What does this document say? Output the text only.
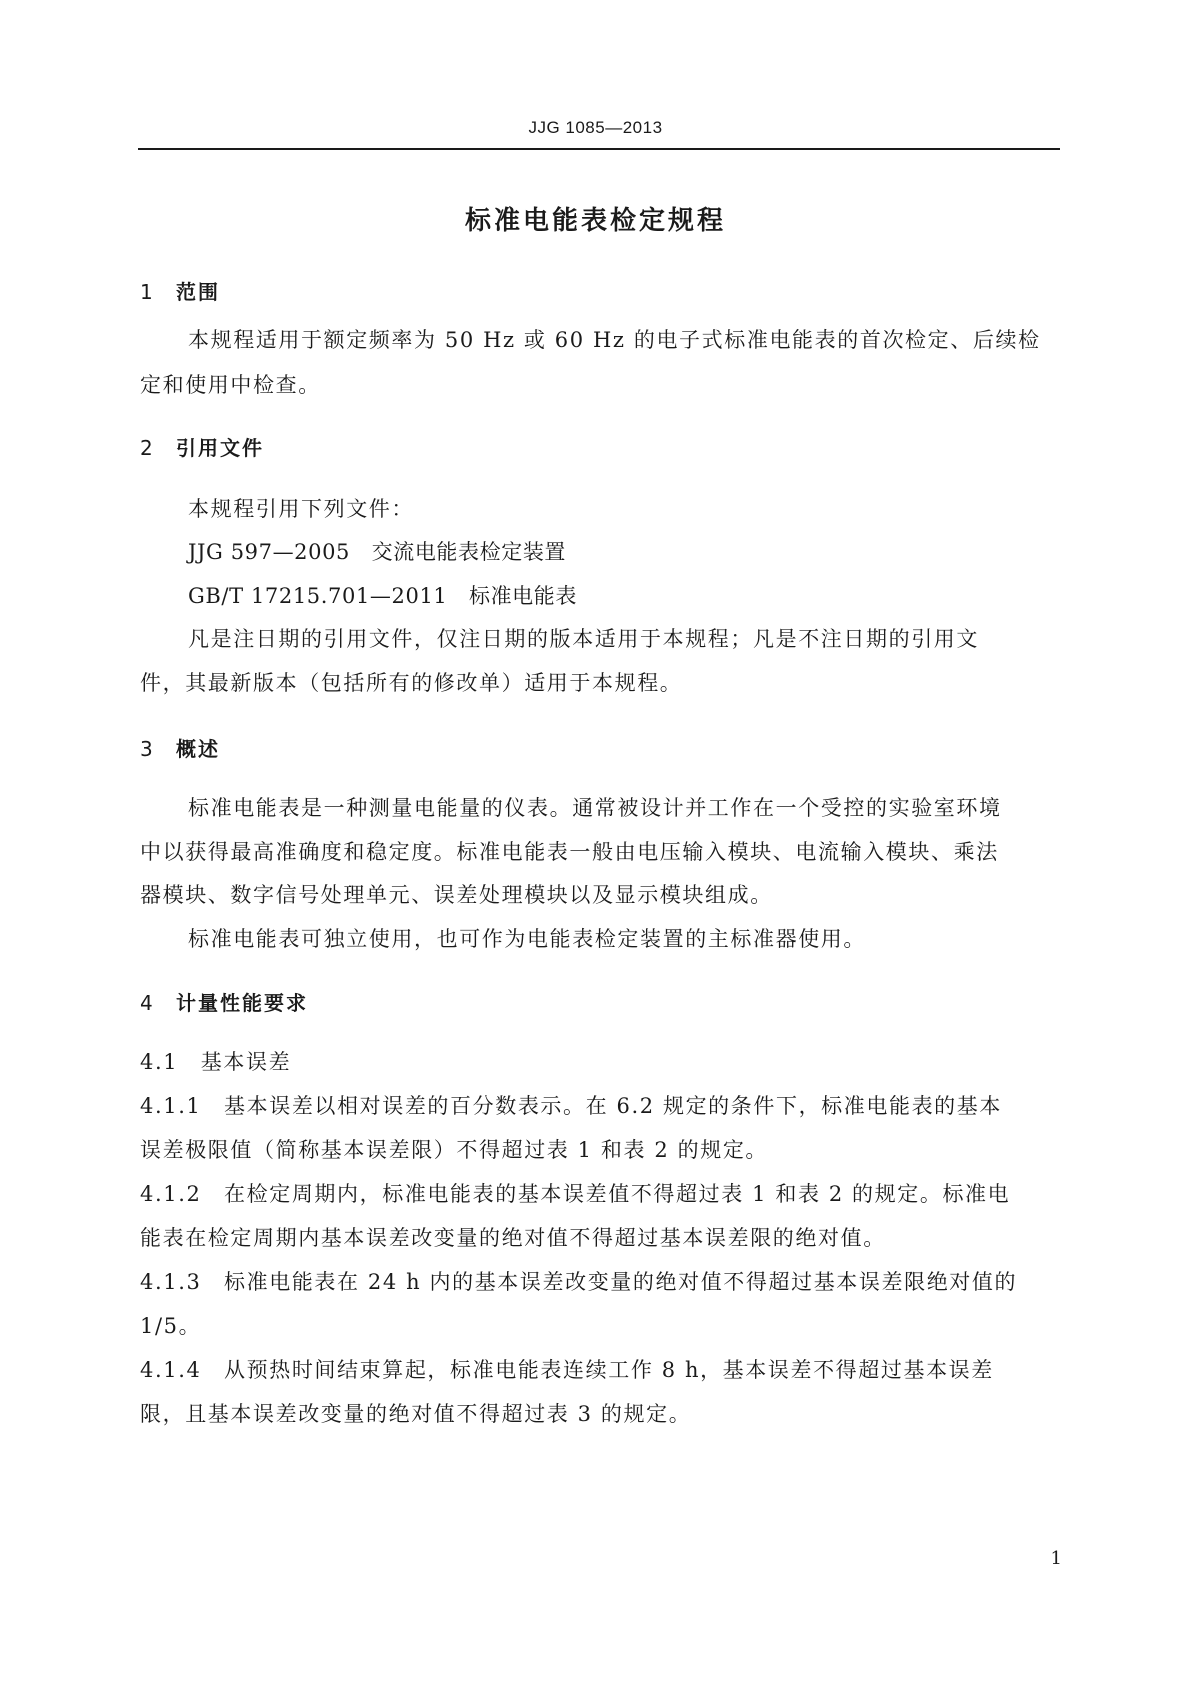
JJG 1085—2013
标准电能表检定规程
1 范围
本规程适用于额定频率为 50 Hz 或 60 Hz 的电子式标准电能表的首次检定、后续检
定和使用中检查。
2 引用文件
本规程引用下列文件：
JJG 597—2005　交流电能表检定装置
GB/T 17215.701—2011　标准电能表
凡是注日期的引用文件，仅注日期的版本适用于本规程；凡是不注日期的引用文
件，其最新版本（包括所有的修改单）适用于本规程。
3 概述
标准电能表是一种测量电能量的仪表。通常被设计并工作在一个受控的实验室环境
中以获得最高准确度和稳定度。标准电能表一般由电压输入模块、电流输入模块、乘法
器模块、数字信号处理单元、误差处理模块以及显示模块组成。
标准电能表可独立使用，也可作为电能表检定装置的主标准器使用。
4 计量性能要求
4.1　基本误差
4.1.1　基本误差以相对误差的百分数表示。在 6.2 规定的条件下，标准电能表的基本
误差极限值（简称基本误差限）不得超过表 1 和表 2 的规定。
4.1.2　在检定周期内，标准电能表的基本误差值不得超过表 1 和表 2 的规定。标准电
能表在检定周期内基本误差改变量的绝对值不得超过基本误差限的绝对值。
4.1.3　标准电能表在 24 h 内的基本误差改变量的绝对值不得超过基本误差限绝对值的
1/5。
4.1.4　从预热时间结束算起，标准电能表连续工作 8 h，基本误差不得超过基本误差
限，且基本误差改变量的绝对值不得超过表 3 的规定。
1
